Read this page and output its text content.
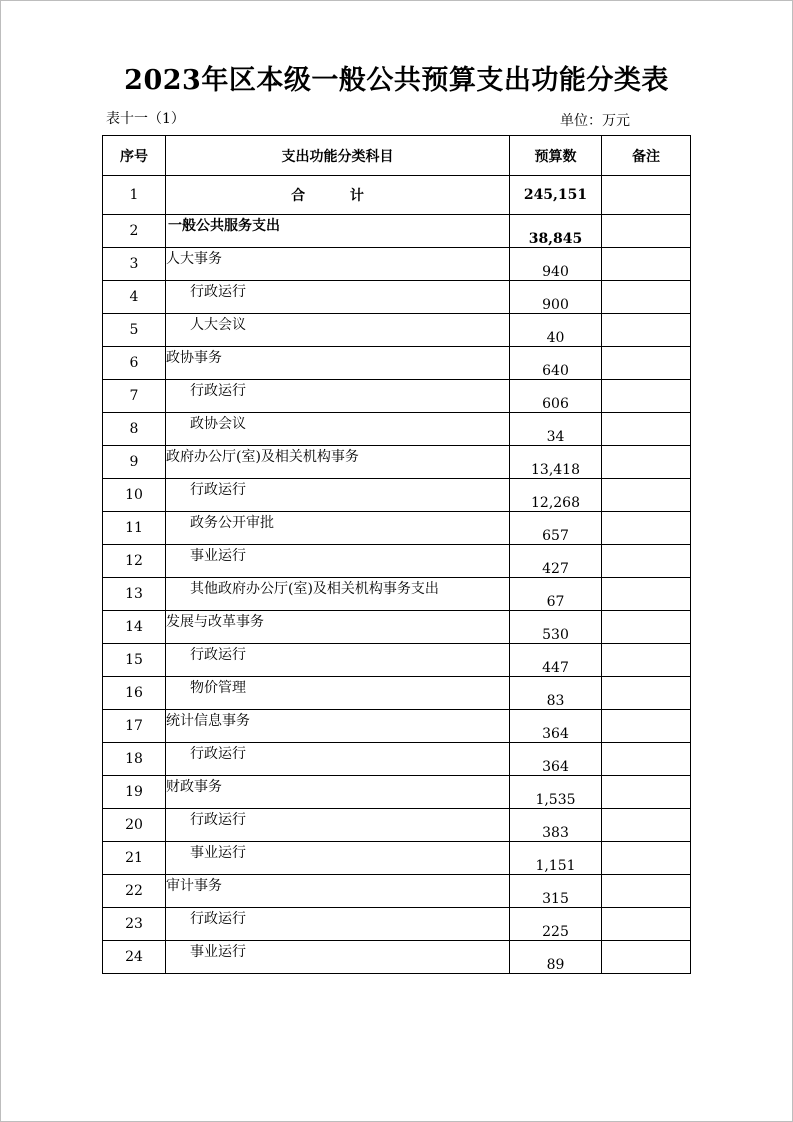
2023年区本级一般公共预算支出功能分类表
表十一（1）	单位：万元
序号	支出功能分类科目	预算数	备注
1	合 计	245,151	
2	一般公共服务支出	38,845	
3	人大事务	940	
4	行政运行	900	
5	人大会议	40	
6	政协事务	640	
7	行政运行	606	
8	政协会议	34	
9	政府办公厅(室)及相关机构事务	13,418	
10	行政运行	12,268	
11	政务公开审批	657	
12	事业运行	427	
13	其他政府办公厅(室)及相关机构事务支出	67	
14	发展与改革事务	530	
15	行政运行	447	
16	物价管理	83	
17	统计信息事务	364	
18	行政运行	364	
19	财政事务	1,535	
20	行政运行	383	
21	事业运行	1,151	
22	审计事务	315	
23	行政运行	225	
24	事业运行	89	
